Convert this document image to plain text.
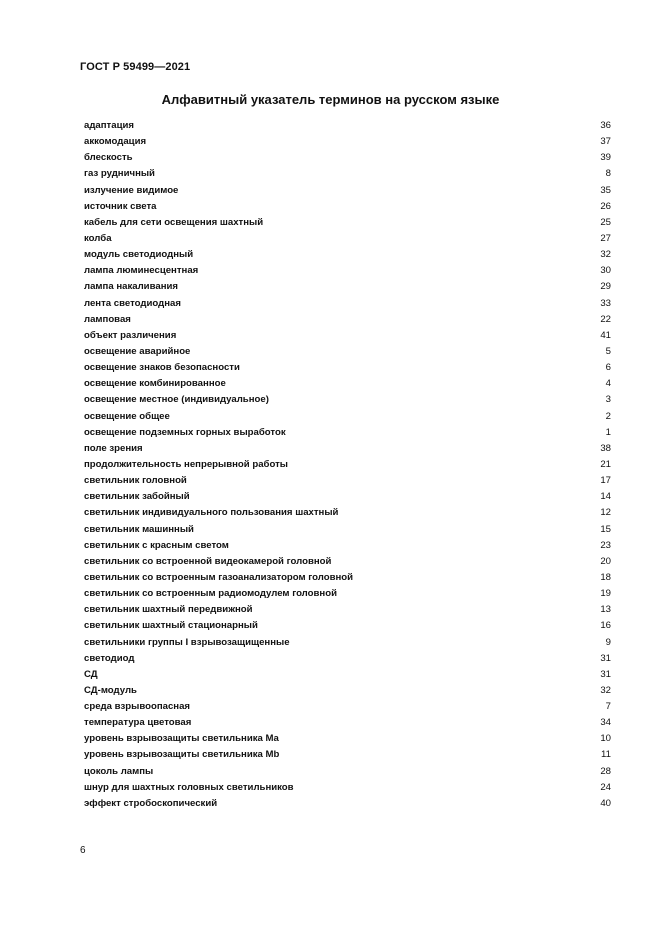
ГОСТ Р 59499—2021
Алфавитный указатель терминов на русском языке
адаптация	36
аккомодация	37
блескость	39
газ рудничный	8
излучение видимое	35
источник света	26
кабель для сети освещения шахтный	25
колба	27
модуль светодиодный	32
лампа люминесцентная	30
лампа накаливания	29
лента светодиодная	33
ламповая	22
объект различения	41
освещение аварийное	5
освещение знаков безопасности	6
освещение комбинированное	4
освещение местное (индивидуальное)	3
освещение общее	2
освещение подземных горных выработок	1
поле зрения	38
продолжительность непрерывной работы	21
светильник головной	17
светильник забойный	14
светильник индивидуального пользования шахтный	12
светильник машинный	15
светильник с красным светом	23
светильник со встроенной видеокамерой головной	20
светильник со встроенным газоанализатором головной	18
светильник со встроенным радиомодулем головной	19
светильник шахтный передвижной	13
светильник шахтный стационарный	16
светильники группы I взрывозащищенные	9
светодиод	31
СД	31
СД-модуль	32
среда взрывоопасная	7
температура цветовая	34
уровень взрывозащиты светильника Ma	10
уровень взрывозащиты светильника Mb	11
цоколь лампы	28
шнур для шахтных головных светильников	24
эффект стробоскопический	40
6
